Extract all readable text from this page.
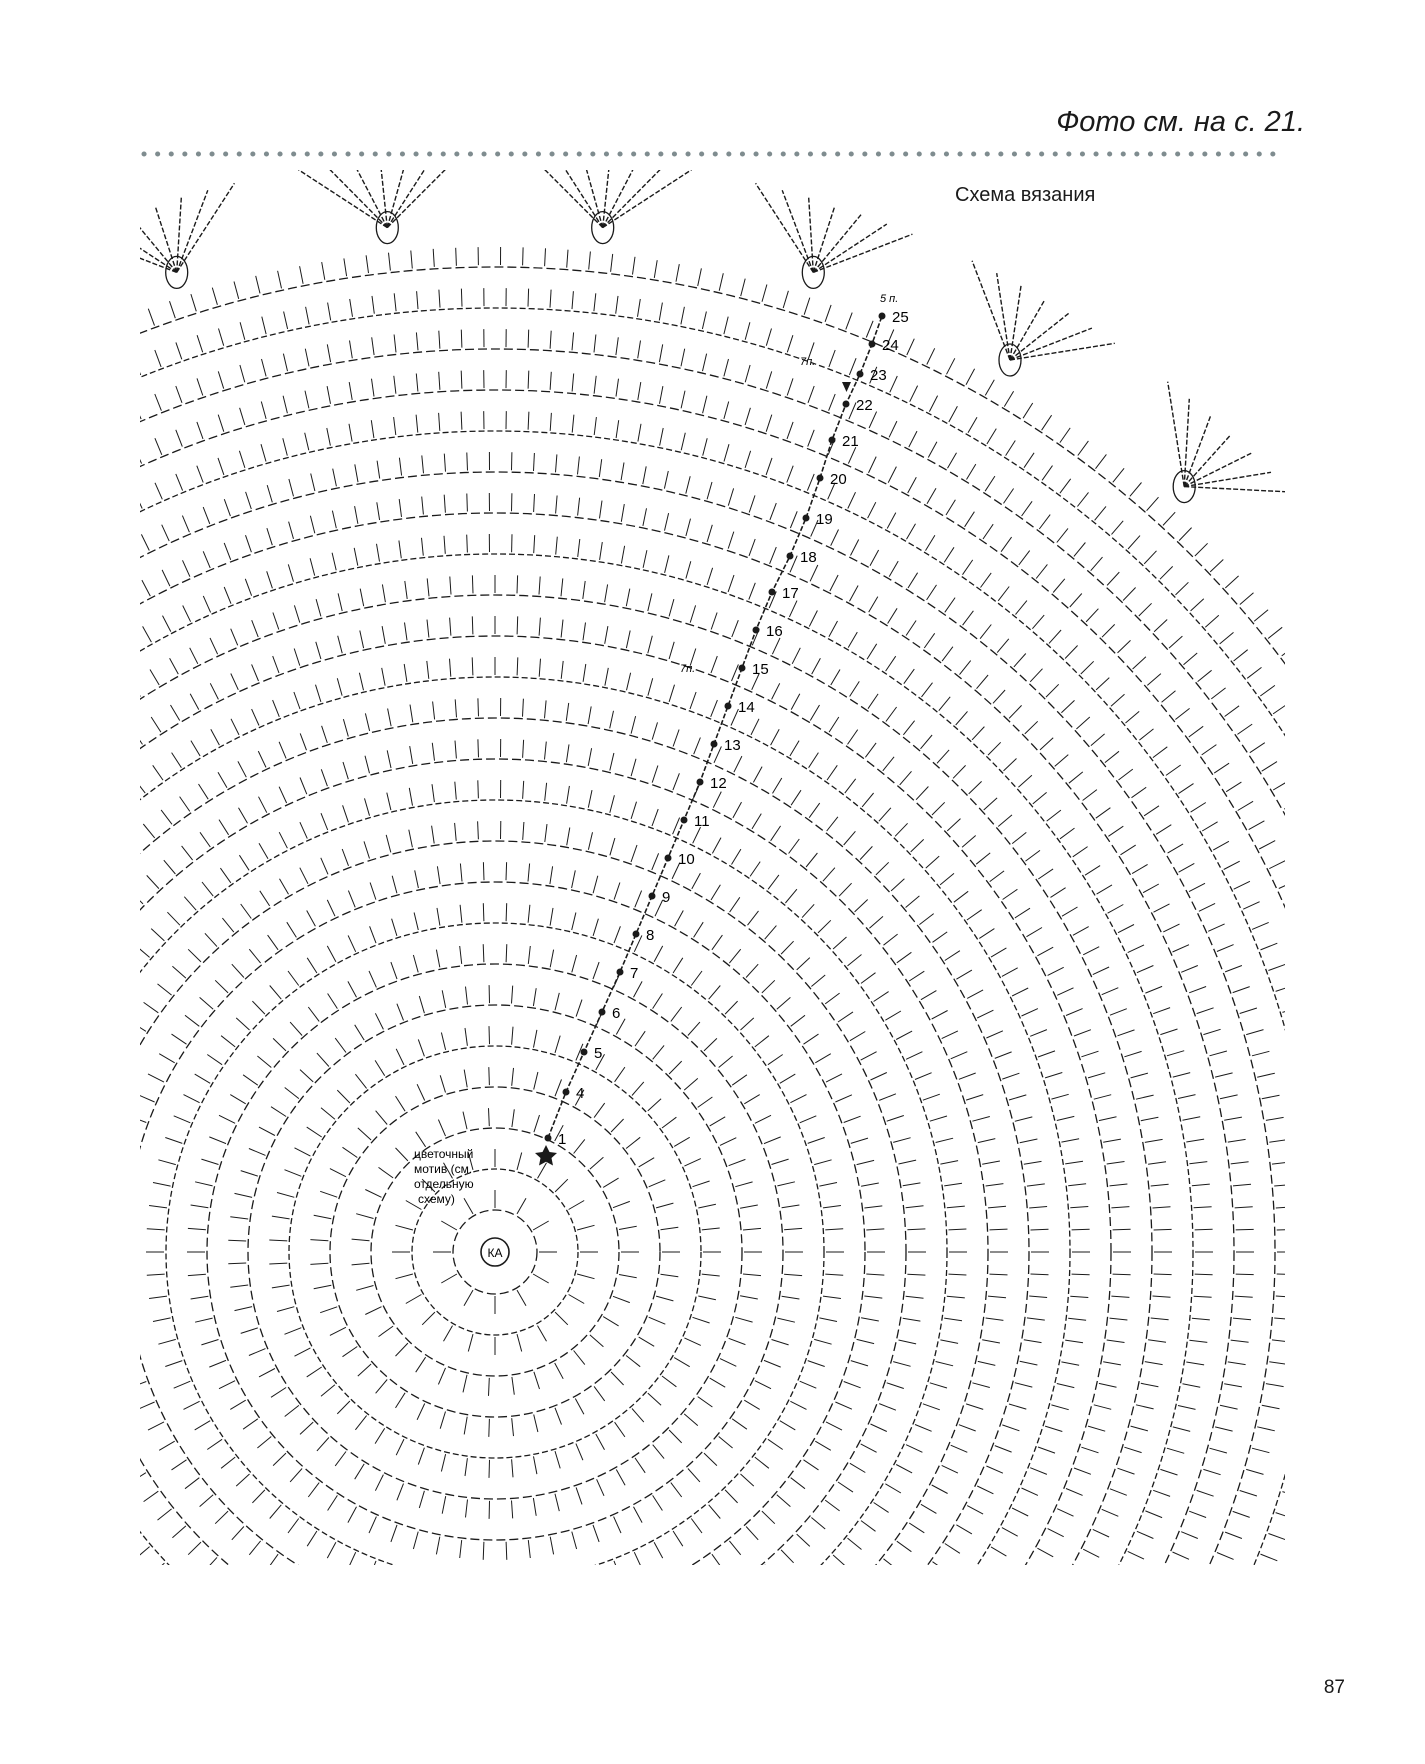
Фото см. на с. 21.
Схема вязания
КА
цветочный
мотив (см.
отдельную
схему)
1
4
5
6
7
8
9
10
11
12
13
14
15
16
17
18
19
20
21
22
23
24
25
5 п.
7п.
7п.
87
